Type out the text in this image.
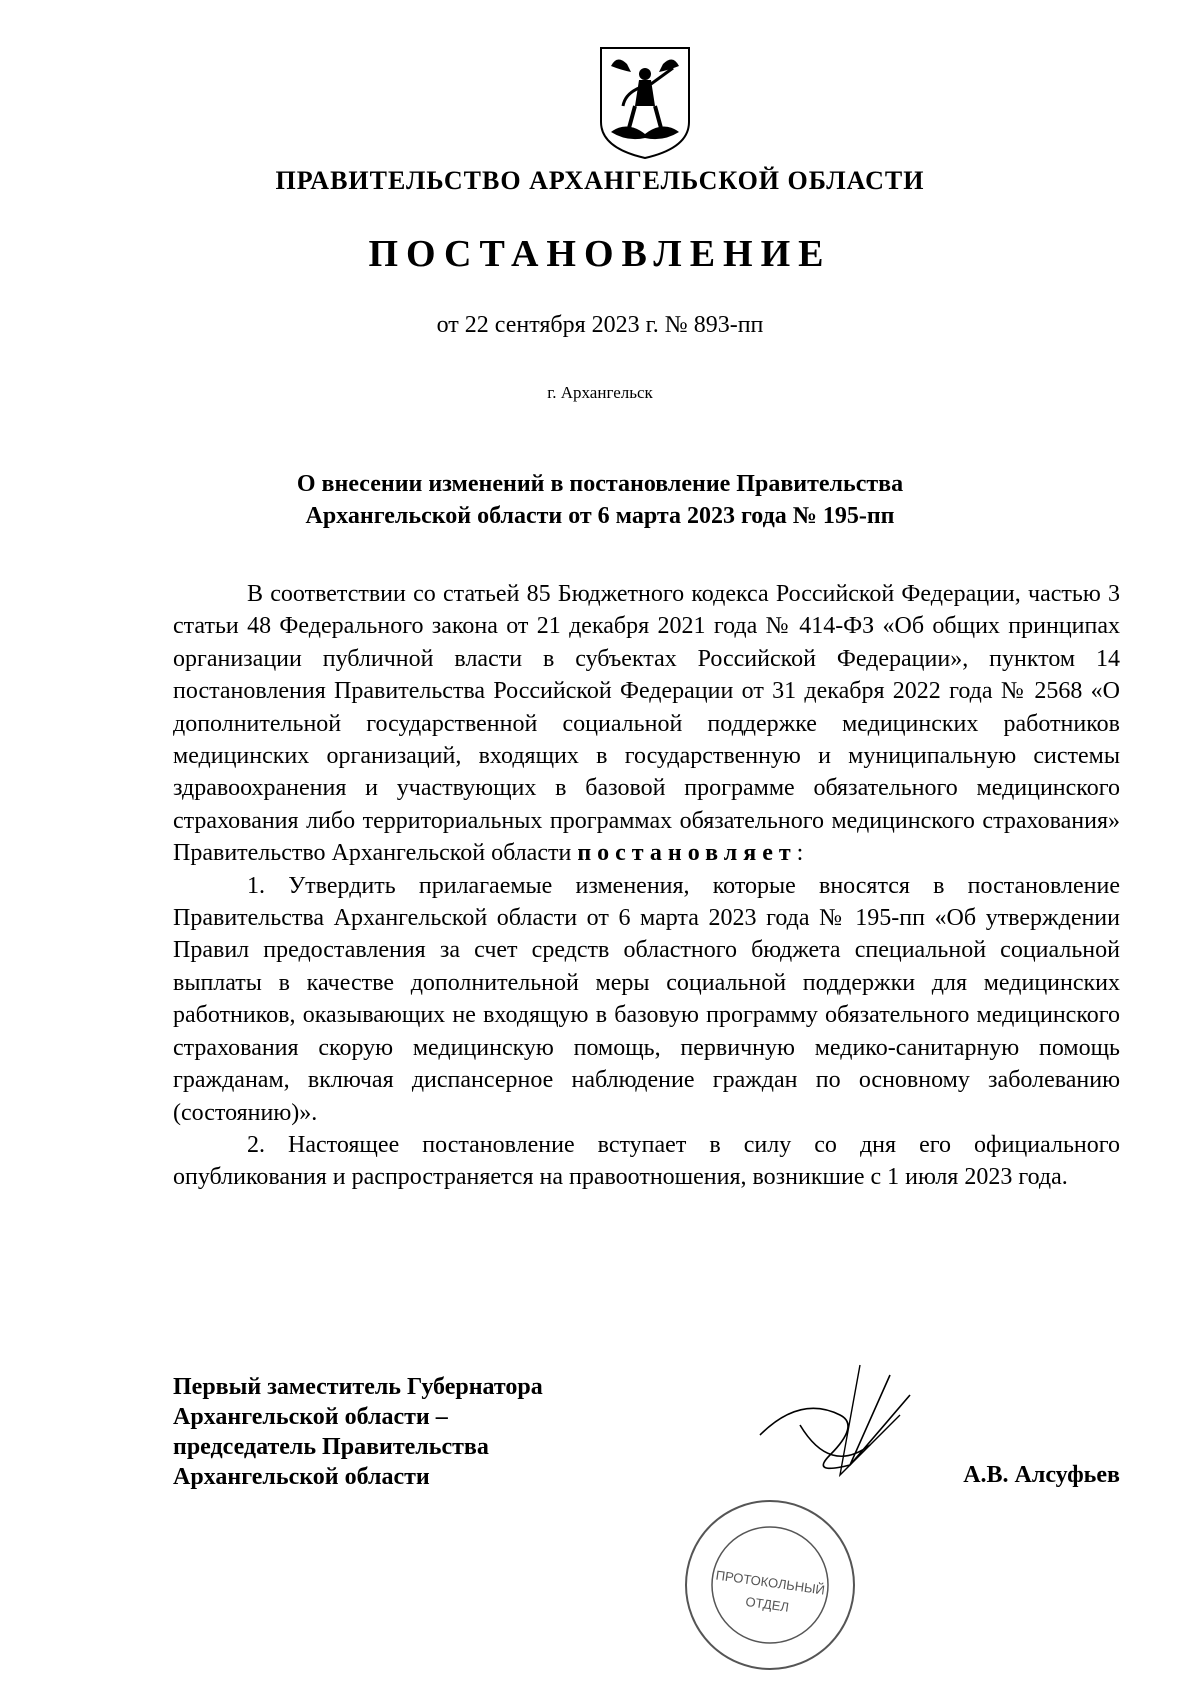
ПРАВИТЕЛЬСТВО АРХАНГЕЛЬСКОЙ ОБЛАСТИ
ПОСТАНОВЛЕНИЕ
от 22 сентября 2023 г. № 893-пп
г. Архангельск
О внесении изменений в постановление Правительства
Архангельской области от 6 марта 2023 года № 195-пп

В соответствии со статьей 85 Бюджетного кодекса Российской Федерации, частью 3 статьи 48 Федерального закона от 21 декабря 2021 года № 414-ФЗ «Об общих принципах организации публичной власти в субъектах Российской Федерации», пунктом 14 постановления Правительства Российской Федерации от 31 декабря 2022 года № 2568 «О дополнительной государственной социальной поддержке медицинских работников медицинских организаций, входящих в государственную и муниципальную системы здравоохранения и участвующих в базовой программе обязательного медицинского страхования либо территориальных программах обязательного медицинского страхования» Правительство Архангельской области постановляет:

1. Утвердить прилагаемые изменения, которые вносятся в постановление Правительства Архангельской области от 6 марта 2023 года № 195-пп «Об утверждении Правил предоставления за счет средств областного бюджета специальной социальной выплаты в качестве дополнительной меры социальной поддержки для медицинских работников, оказывающих не входящую в базовую программу обязательного медицинского страхования скорую медицинскую помощь, первичную медико-санитарную помощь гражданам, включая диспансерное наблюдение граждан по основному заболеванию (состоянию)».

2. Настоящее постановление вступает в силу со дня его официального опубликования и распространяется на правоотношения, возникшие с 1 июля 2023 года.

Первый заместитель Губернатора
Архангельской области –
председатель Правительства
Архангельской области	А.В. Алсуфьев
ПРОТОКОЛЬНЫЙ
ОТДЕЛ
